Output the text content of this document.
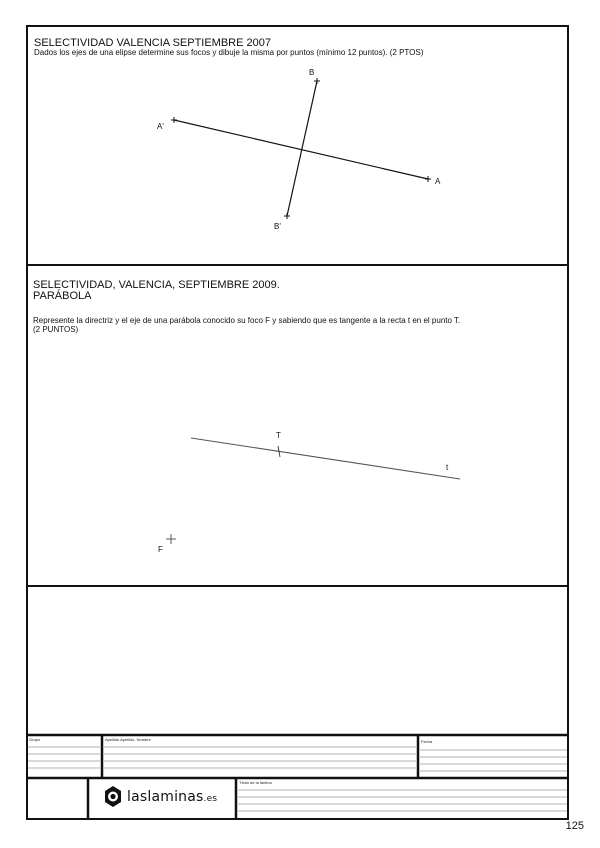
SELECTIVIDAD VALENCIA SEPTIEMBRE 2007
Dados los ejes de una elipse determine sus focos y dibuje la misma por puntos (mínimo 12 puntos). (2 PTOS)
SELECTIVIDAD, VALENCIA, SEPTIEMBRE 2009.
PARÁBOLA
Represente la directriz y el eje de una parábola conocido su foco F y sabiendo que es tangente a la recta t en el punto T.
(2 PUNTOS)
A'
A
B
B'
T
t
F
Grupo	Apellido Apellido, Nombre	Fecha
Título de la lámina
laslaminas.es
125
